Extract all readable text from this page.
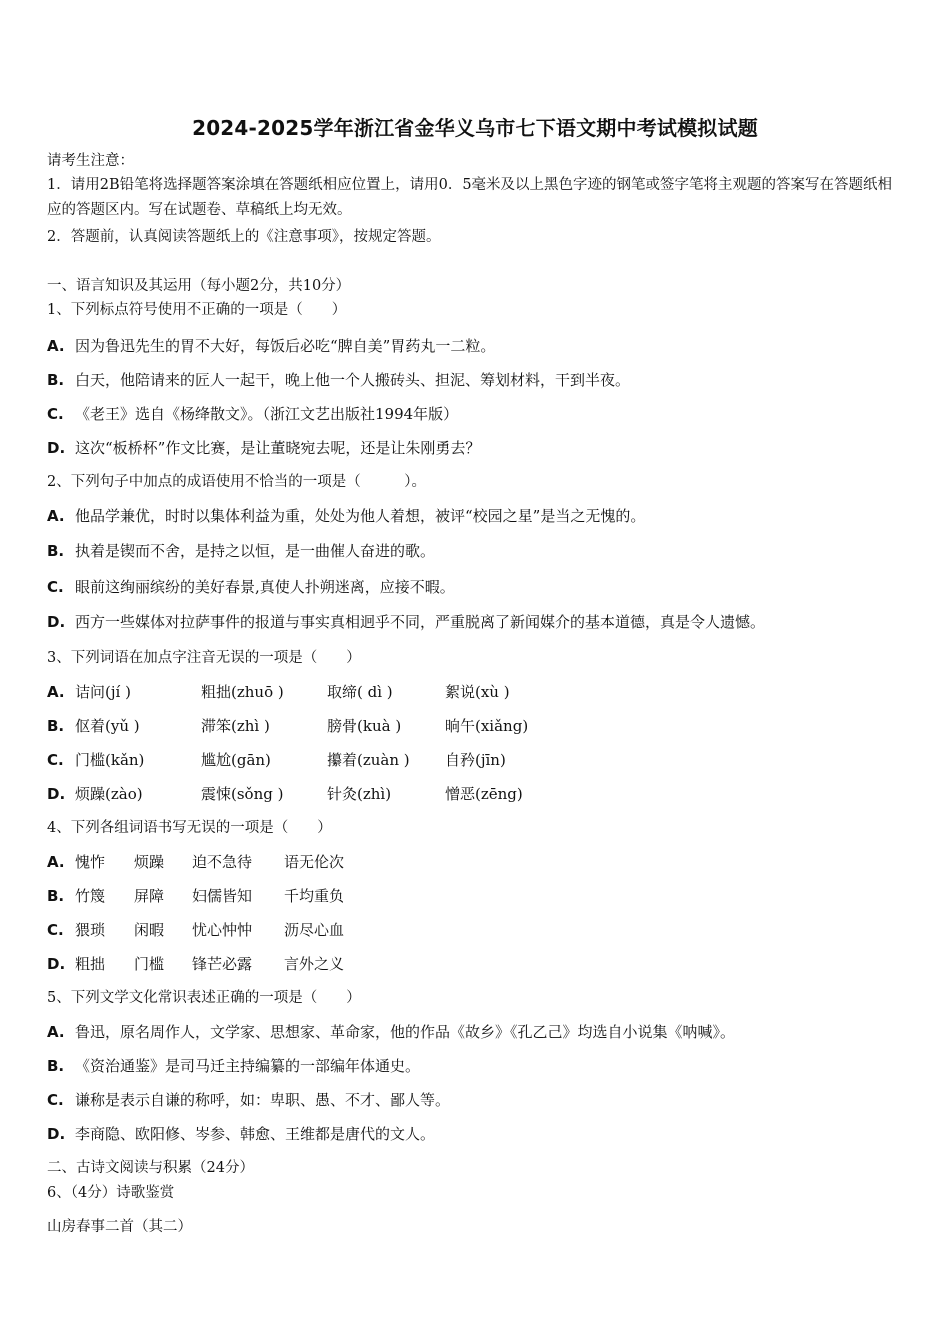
2024-2025学年浙江省金华义乌市七下语文期中考试模拟试题
请考生注意：
1．请用2B铅笔将选择题答案涂填在答题纸相应位置上，请用0．5毫米及以上黑色字迹的钢笔或签字笔将主观题的答案写在答题纸相应的答题区内。写在试题卷、草稿纸上均无效。
2．答题前，认真阅读答题纸上的《注意事项》，按规定答题。
一、语言知识及其运用（每小题2分，共10分）
1、下列标点符号使用不正确的一项是（　　）
A. 因为鲁迅先生的胃不大好，每饭后必吃“脾自美”胃药丸一二粒。
B. 白天，他陪请来的匠人一起干，晚上他一个人搬砖头、担泥、筹划材料，干到半夜。
C. 《老王》选自《杨绛散文》。（浙江文艺出版社1994年版）
D. 这次“板桥杯”作文比赛，是让董晓宛去呢，还是让朱刚勇去？
2、下列句子中加点的成语使用不恰当的一项是（　　　）。
A. 他品学兼优，时时以集体利益为重，处处为他人着想，被评“校园之星”是当之无愧的。
B. 执着是锲而不舍，是持之以恒，是一曲催人奋进的歌。
C. 眼前这绚丽缤纷的美好春景,真使人扑朔迷离，应接不暇。
D. 西方一些媒体对拉萨事件的报道与事实真相迥乎不同，严重脱离了新闻媒介的基本道德，真是令人遗憾。
3、下列词语在加点字注音无误的一项是（　　）
A. 诘问(jí )	粗拙(zhuō )	取缔( dì )	絮说(xù )
B. 伛着(yǔ )	滞笨(zhì )	膀骨(kuà )	晌午(xiǎng)
C. 门槛(kǎn)	尴尬(gān)	攥着(zuàn ) 自矜(jīn)
D. 烦躁(zào)	震悚(sǒng )	针灸(zhì)	憎恶(zēng)
4、下列各组词语书写无误的一项是（　　）
A. 愧怍 烦躁 迫不急待 语无伦次
B. 竹篾 屏障 妇儒皆知 千均重负
C. 猥琐 闲暇 忧心忡忡 沥尽心血
D. 粗拙 门槛 锋芒必露 言外之义
5、下列文学文化常识表述正确的一项是（　　）
A. 鲁迅，原名周作人，文学家、思想家、革命家，他的作品《故乡》《孔乙己》均选自小说集《呐喊》。
B. 《资治通鉴》是司马迁主持编纂的一部编年体通史。
C. 谦称是表示自谦的称呼，如：卑职、愚、不才、鄙人等。
D. 李商隐、欧阳修、岑参、韩愈、王维都是唐代的文人。
二、古诗文阅读与积累（24分）
6、（4分）诗歌鉴赏
山房春事二首（其二）
